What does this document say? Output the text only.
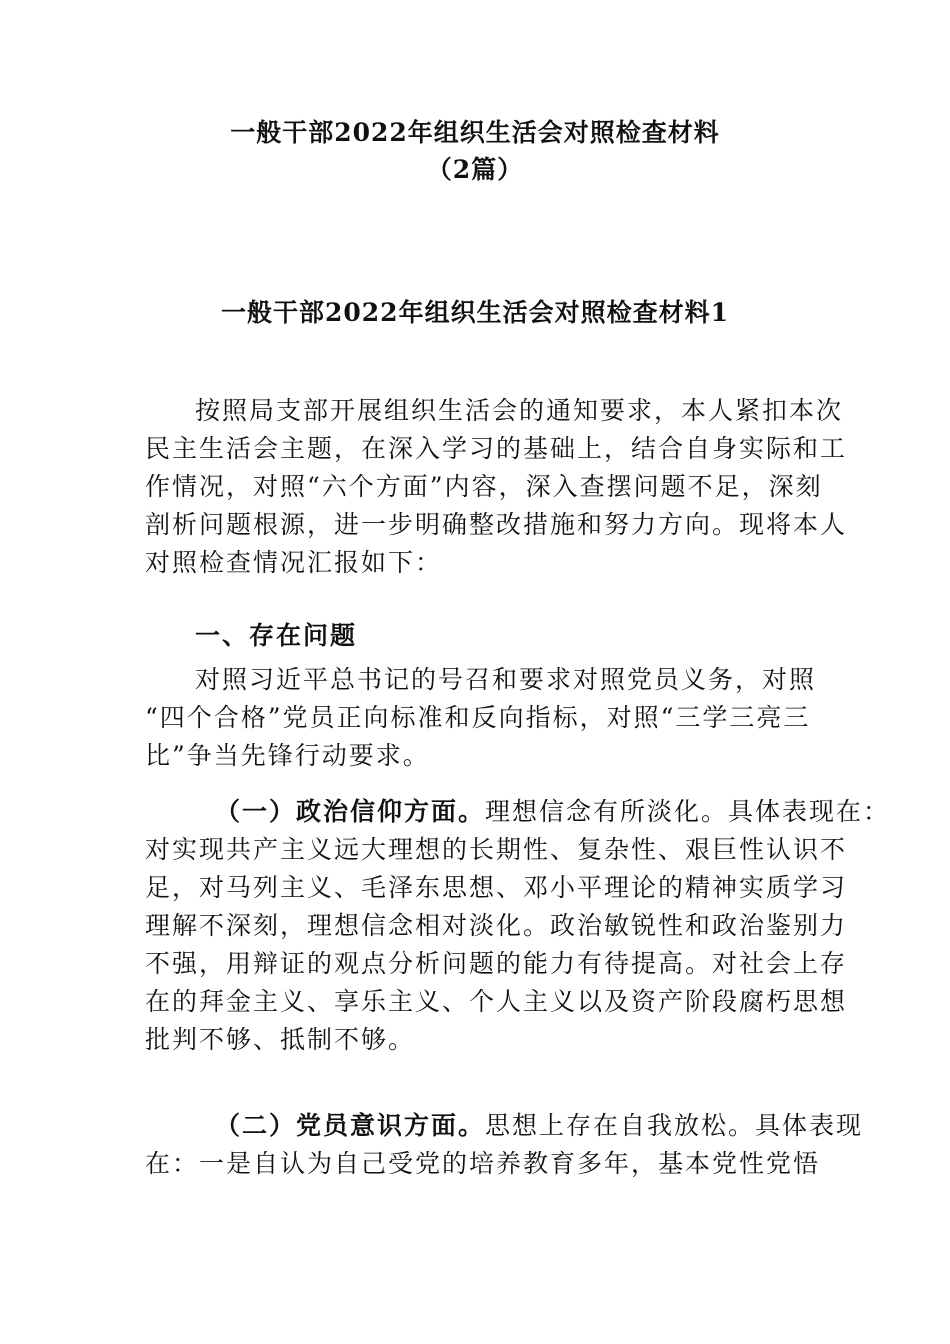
一般干部2022年组织生活会对照检查材料
（2篇）
一般干部2022年组织生活会对照检查材料1
按照局支部开展组织生活会的通知要求，本人紧扣本次
民主生活会主题，在深入学习的基础上，结合自身实际和工
作情况，对照“六个方面”内容，深入查摆问题不足，深刻
剖析问题根源，进一步明确整改措施和努力方向。现将本人
对照检查情况汇报如下：
一、存在问题
对照习近平总书记的号召和要求对照党员义务，对照
“四个合格”党员正向标准和反向指标，对照“三学三亮三
比”争当先锋行动要求。
（一）政治信仰方面。理想信念有所淡化。具体表现在：
对实现共产主义远大理想的长期性、复杂性、艰巨性认识不
足，对马列主义、毛泽东思想、邓小平理论的精神实质学习
理解不深刻，理想信念相对淡化。政治敏锐性和政治鉴别力
不强，用辩证的观点分析问题的能力有待提高。对社会上存
在的拜金主义、享乐主义、个人主义以及资产阶段腐朽思想
批判不够、抵制不够。
（二）党员意识方面。思想上存在自我放松。具体表现
在：一是自认为自己受党的培养教育多年，基本党性党悟
